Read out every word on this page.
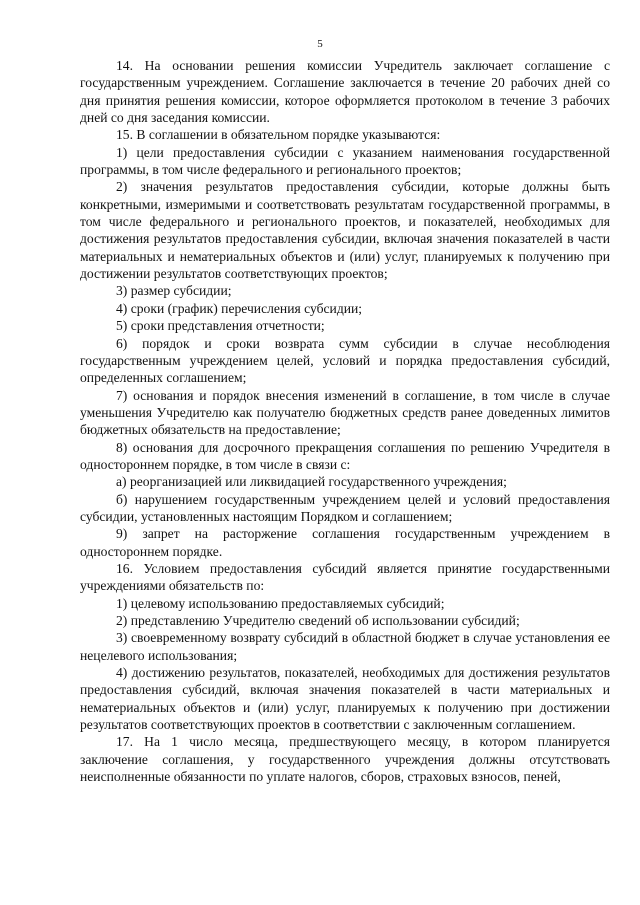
5

14. На основании решения комиссии Учредитель заключает соглашение с государственным учреждением. Соглашение заключается в течение 20 рабочих дней со дня принятия решения комиссии, которое оформляется протоколом в течение 3 рабочих дней со дня заседания комиссии.

15. В соглашении в обязательном порядке указываются:

1) цели предоставления субсидии с указанием наименования государственной программы, в том числе федерального и регионального проектов;

2) значения результатов предоставления субсидии, которые должны быть конкретными, измеримыми и соответствовать результатам государственной программы, в том числе федерального и регионального проектов, и показателей, необходимых для достижения результатов предоставления субсидии, включая значения показателей в части материальных и нематериальных объектов и (или) услуг, планируемых к получению при достижении результатов соответствующих проектов;

3) размер субсидии;

4) сроки (график) перечисления субсидии;

5) сроки представления отчетности;

6) порядок и сроки возврата сумм субсидии в случае несоблюдения государственным учреждением целей, условий и порядка предоставления субсидий, определенных соглашением;

7) основания и порядок внесения изменений в соглашение, в том числе в случае уменьшения Учредителю как получателю бюджетных средств ранее доведенных лимитов бюджетных обязательств на предоставление;

8) основания для досрочного прекращения соглашения по решению Учредителя в одностороннем порядке, в том числе в связи с:

а) реорганизацией или ликвидацией государственного учреждения;

б) нарушением государственным учреждением целей и условий предоставления субсидии, установленных настоящим Порядком и соглашением;

9) запрет на расторжение соглашения государственным учреждением в одностороннем порядке.

16. Условием предоставления субсидий является принятие государственными учреждениями обязательств по:

1) целевому использованию предоставляемых субсидий;

2) представлению Учредителю сведений об использовании субсидий;

3) своевременному возврату субсидий в областной бюджет в случае установления ее нецелевого использования;

4) достижению результатов, показателей, необходимых для достижения результатов предоставления субсидий, включая значения показателей в части материальных и нематериальных объектов и (или) услуг, планируемых к получению при достижении результатов соответствующих проектов в соответствии с заключенным соглашением.

17. На 1 число месяца, предшествующего месяцу, в котором планируется заключение соглашения, у государственного учреждения должны отсутствовать неисполненные обязанности по уплате налогов, сборов, страховых взносов, пеней,
